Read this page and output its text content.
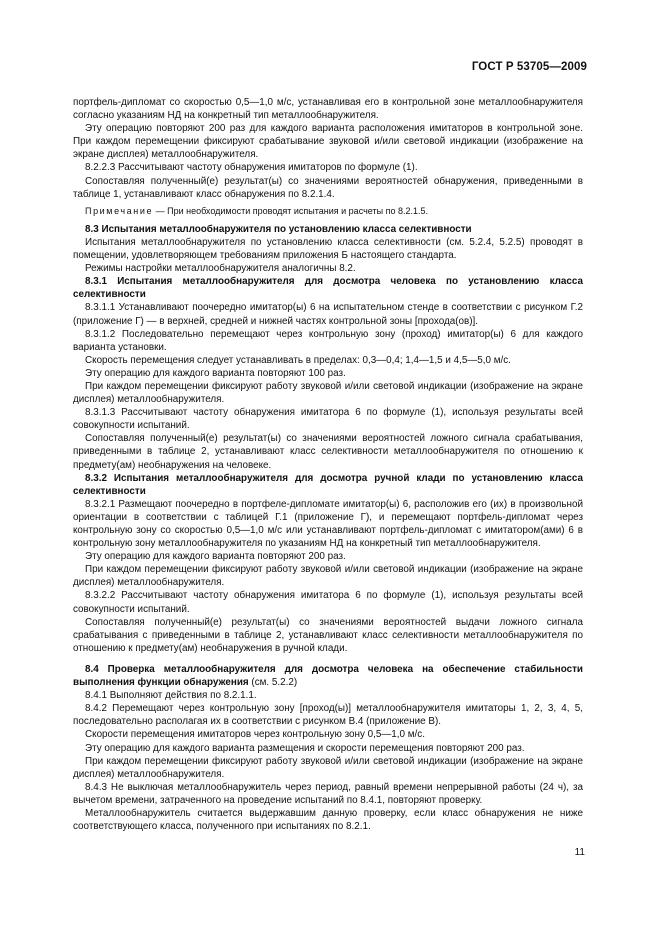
ГОСТ Р 53705—2009

портфель-дипломат со скоростью 0,5—1,0 м/с, устанавливая его в контрольной зоне металлообнаружителя согласно указаниям НД на конкретный тип металлообнаружителя.

Эту операцию повторяют 200 раз для каждого варианта расположения имитаторов в контрольной зоне. При каждом перемещении фиксируют срабатывание звуковой и/или световой индикации (изображение на экране дисплея) металлообнаружителя.

8.2.2.3 Рассчитывают частоту обнаружения имитаторов по формуле (1).

Сопоставляя полученный(е) результат(ы) со значениями вероятностей обнаружения, приведенными в таблице 1, устанавливают класс обнаружения по 8.2.1.4.

Примечание — При необходимости проводят испытания и расчеты по 8.2.1.5.

8.3 Испытания металлообнаружителя по установлению класса селективности

Испытания металлообнаружителя по установлению класса селективности (см. 5.2.4, 5.2.5) проводят в помещении, удовлетворяющем требованиям приложения Б настоящего стандарта.

Режимы настройки металлообнаружителя аналогичны 8.2.

8.3.1 Испытания металлообнаружителя для досмотра человека по установлению класса селективности

8.3.1.1 Устанавливают поочередно имитатор(ы) 6 на испытательном стенде в соответствии с рисунком Г.2 (приложение Г) — в верхней, средней и нижней частях контрольной зоны [прохода(ов)].

8.3.1.2 Последовательно перемещают через контрольную зону (проход) имитатор(ы) 6 для каждого варианта установки.

Скорость перемещения следует устанавливать в пределах: 0,3—0,4; 1,4—1,5 и 4,5—5,0 м/с.

Эту операцию для каждого варианта повторяют 100 раз.

При каждом перемещении фиксируют работу звуковой и/или световой индикации (изображение на экране дисплея) металлообнаружителя.

8.3.1.3 Рассчитывают частоту обнаружения имитатора 6 по формуле (1), используя результаты всей совокупности испытаний.

Сопоставляя полученный(е) результат(ы) со значениями вероятностей ложного сигнала срабатывания, приведенными в таблице 2, устанавливают класс селективности металлообнаружителя по отношению к предмету(ам) необнаружения на человеке.

8.3.2 Испытания металлообнаружителя для досмотра ручной клади по установлению класса селективности

8.3.2.1 Размещают поочередно в портфеле-дипломате имитатор(ы) 6, расположив его (их) в произвольной ориентации в соответствии с таблицей Г.1 (приложение Г), и перемещают портфель-дипломат через контрольную зону со скоростью 0,5—1,0 м/с или устанавливают портфель-дипломат с имитатором(ами) 6 в контрольную зону металлообнаружителя по указаниям НД на конкретный тип металлообнаружителя.

Эту операцию для каждого варианта повторяют 200 раз.

При каждом перемещении фиксируют работу звуковой и/или световой индикации (изображение на экране дисплея) металлообнаружителя.

8.3.2.2 Рассчитывают частоту обнаружения имитатора 6 по формуле (1), используя результаты всей совокупности испытаний.

Сопоставляя полученный(е) результат(ы) со значениями вероятностей выдачи ложного сигнала срабатывания с приведенными в таблице 2, устанавливают класс селективности металлообнаружителя по отношению к предмету(ам) необнаружения в ручной клади.

8.4 Проверка металлообнаружителя для досмотра человека на обеспечение стабильности выполнения функции обнаружения (см. 5.2.2)

8.4.1 Выполняют действия по 8.2.1.1.

8.4.2 Перемещают через контрольную зону [проход(ы)] металлообнаружителя имитаторы 1, 2, 3, 4, 5, последовательно располагая их в соответствии с рисунком В.4 (приложение В).

Скорости перемещения имитаторов через контрольную зону 0,5—1,0 м/с.

Эту операцию для каждого варианта размещения и скорости перемещения повторяют 200 раз.

При каждом перемещении фиксируют работу звуковой и/или световой индикации (изображение на экране дисплея) металлообнаружителя.

8.4.3 Не выключая металлообнаружитель через период, равный времени непрерывной работы (24 ч), за вычетом времени, затраченного на проведение испытаний по 8.4.1, повторяют проверку.

Металлообнаружитель считается выдержавшим данную проверку, если класс обнаружения не ниже соответствующего класса, полученного при испытаниях по 8.2.1.

11
